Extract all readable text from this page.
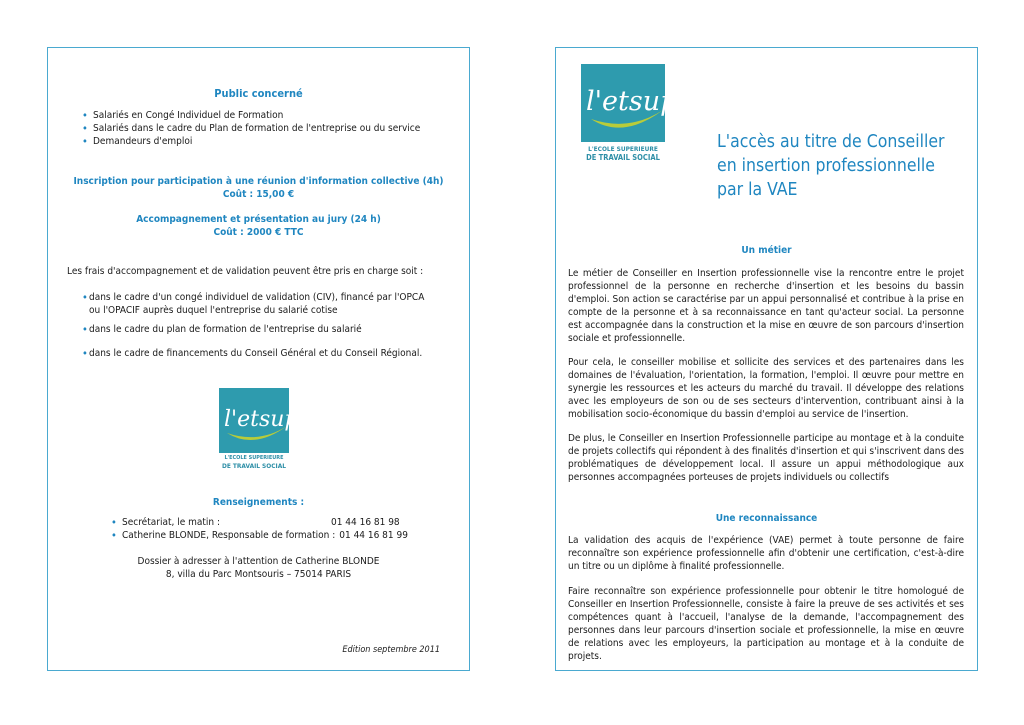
Public concerné
• Salariés en Congé Individuel de Formation
• Salariés dans le cadre du Plan de formation de l'entreprise ou du service
• Demandeurs d'emploi
Inscription pour participation à une réunion d'information collective (4h)
Coût : 15,00 €
Accompagnement et présentation au jury (24 h)
Coût : 2000 € TTC
Les frais d'accompagnement et de validation peuvent être pris en charge soit :
• dans le cadre d'un congé individuel de validation (CIV), financé par l'OPCA
ou l'OPACIF auprès duquel l'entreprise du salarié cotise
• dans le cadre du plan de formation de l'entreprise du salarié
• dans le cadre de financements du Conseil Général et du Conseil Régional.
l'etsup
L'ECOLE SUPERIEURE
DE TRAVAIL SOCIAL
Renseignements :
• Secrétariat, le matin :	01 44 16 81 98
• Catherine BLONDE, Responsable de formation : 01 44 16 81 99
Dossier à adresser à l'attention de Catherine BLONDE
8, villa du Parc Montsouris – 75014 PARIS
Edition septembre 2011
l'etsup
L'ECOLE SUPERIEURE
DE TRAVAIL SOCIAL
L'accès au titre de Conseiller
en insertion professionnelle
par la VAE
Un métier
Le métier de Conseiller en Insertion professionnelle vise la rencontre entre le projet professionnel de la personne en recherche d'insertion et les besoins du bassin d'emploi. Son action se caractérise par un appui personnalisé et contribue à la prise en compte de la personne et à sa reconnaissance en tant qu'acteur social. La personne est accompagnée dans la construction et la mise en œuvre de son parcours d'insertion sociale et professionnelle.
Pour cela, le conseiller mobilise et sollicite des services et des partenaires dans les domaines de l'évaluation, l'orientation, la formation, l'emploi. Il œuvre pour mettre en synergie les ressources et les acteurs du marché du travail. Il développe des relations avec les employeurs de son ou de ses secteurs d'intervention, contribuant ainsi à la mobilisation socio-économique du bassin d'emploi au service de l'insertion.
De plus, le Conseiller en Insertion Professionnelle participe au montage et à la conduite de projets collectifs qui répondent à des finalités d'insertion et qui s'inscrivent dans des problématiques de développement local. Il assure un appui méthodologique aux personnes accompagnées porteuses de projets individuels ou collectifs
Une reconnaissance
La validation des acquis de l'expérience (VAE) permet à toute personne de faire reconnaître son expérience professionnelle afin d'obtenir une certification, c'est-à-dire un titre ou un diplôme à finalité professionnelle.
Faire reconnaître son expérience professionnelle pour obtenir le titre homologué de Conseiller en Insertion Professionnelle, consiste à faire la preuve de ses activités et ses compétences quant à l'accueil, l'analyse de la demande, l'accompagnement des personnes dans leur parcours d'insertion sociale et professionnelle, la mise en œuvre de relations avec les employeurs, la participation au montage et à la conduite de projets.
